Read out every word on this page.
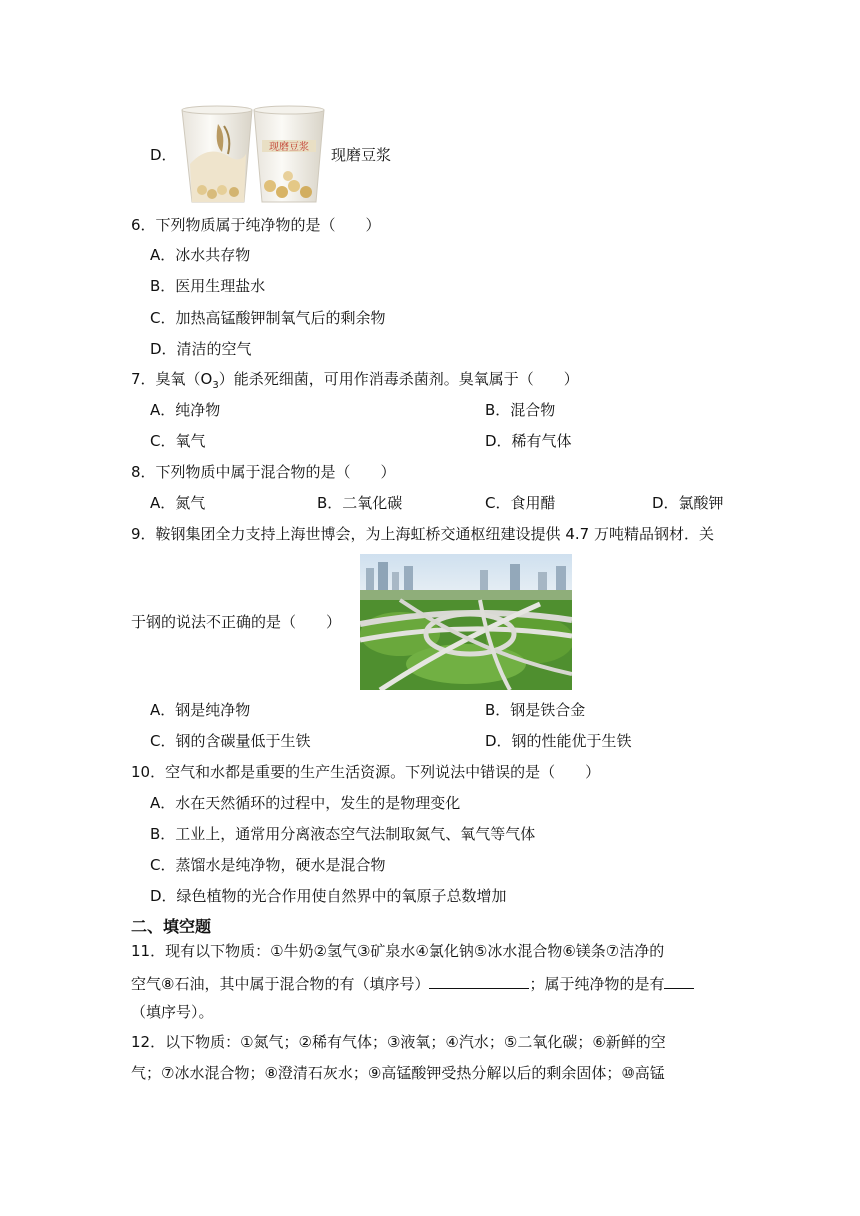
D．	现磨豆浆 现磨豆浆
6．下列物质属于纯净物的是（　　）
A．冰水共存物
B．医用生理盐水
C．加热高锰酸钾制氧气后的剩余物
D．清洁的空气
7．臭氧$(O_3)$能杀死细菌，可用作消毒杀菌剂。臭氧属于（　　）
A．纯净物	B．混合物
C．氧气	D．稀有气体
8．下列物质中属于混合物的是（　　）
A．氮气	B．二氧化碳	C．食用醋	D．氯酸钾
9．鞍钢集团全力支持上海世博会，为上海虹桥交通枢纽建设提供 4.7 万吨精品钢材．关
于钢的说法不正确的是（　　）
A．钢是纯净物	B．钢是铁合金
C．钢的含碳量低于生铁	D．钢的性能优于生铁
10．空气和水都是重要的生产生活资源。下列说法中错误的是（　　）
A．水在天然循环的过程中，发生的是物理变化
B．工业上，通常用分离液态空气法制取氮气、氧气等气体
C．蒸馏水是纯净物，硬水是混合物
D．绿色植物的光合作用使自然界中的氧原子总数增加
二、填空题
11．现有以下物质：①牛奶②氢气③矿泉水④氯化钠⑤冰水混合物⑥镁条⑦洁净的
空气⑧石油，其中属于混合物的有（填序号）	；属于纯净物的是有
（填序号）。
12．以下物质：①氮气；②稀有气体；③液氧；④汽水；⑤二氧化碳；⑥新鲜的空
气；⑦冰水混合物；⑧澄清石灰水；⑨高锰酸钾受热分解以后的剩余固体；⑩高锰
